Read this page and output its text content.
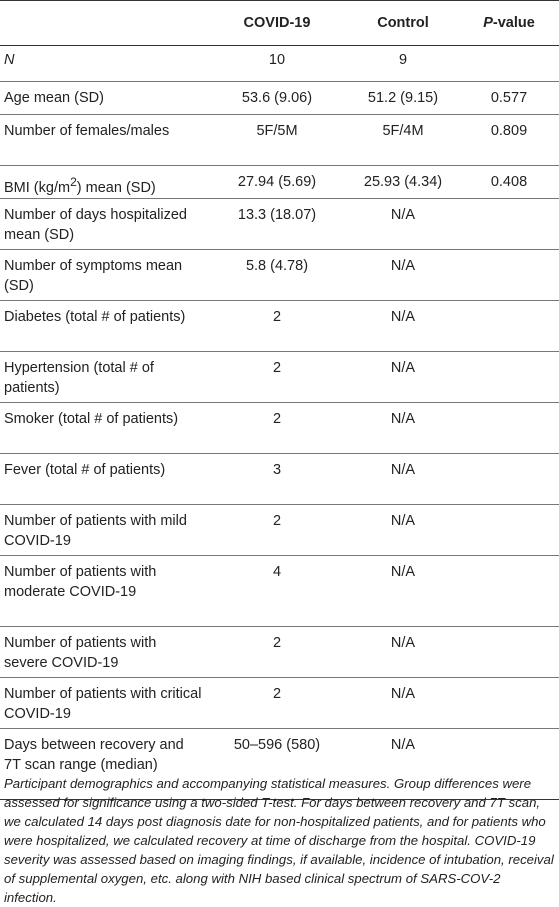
	COVID-19	Control	P-value
N	10	9	
Age mean (SD)	53.6 (9.06)	51.2 (9.15)	0.577
Number of females/males	5F/5M	5F/4M	0.809
BMI $(kg/m^2)$ mean (SD)	27.94 (5.69)	25.93 (4.34)	0.408
Number of days hospitalized mean (SD)	13.3 (18.07)	N/A	
Number of symptoms mean (SD)	5.8 (4.78)	N/A	
Diabetes (total # of patients)	2	N/A	
Hypertension (total # of patients)	2	N/A	
Smoker (total # of patients)	2	N/A	
Fever (total # of patients)	3	N/A	
Number of patients with mild COVID-19	2	N/A	
Number of patients with moderate COVID-19	4	N/A	
Number of patients with severe COVID-19	2	N/A	
Number of patients with critical COVID-19	2	N/A	
Days between recovery and 7T scan range (median)	50–596 (580)	N/A	

Participant demographics and accompanying statistical measures. Group differences were assessed for significance using a two-sided T-test. For days between recovery and 7T scan, we calculated 14 days post diagnosis date for non-hospitalized patients, and for patients who were hospitalized, we calculated recovery at time of discharge from the hospital. COVID-19 severity was assessed based on imaging findings, if available, incidence of intubation, receival of supplemental oxygen, etc. along with NIH based clinical spectrum of SARS-COV-2 infection.
